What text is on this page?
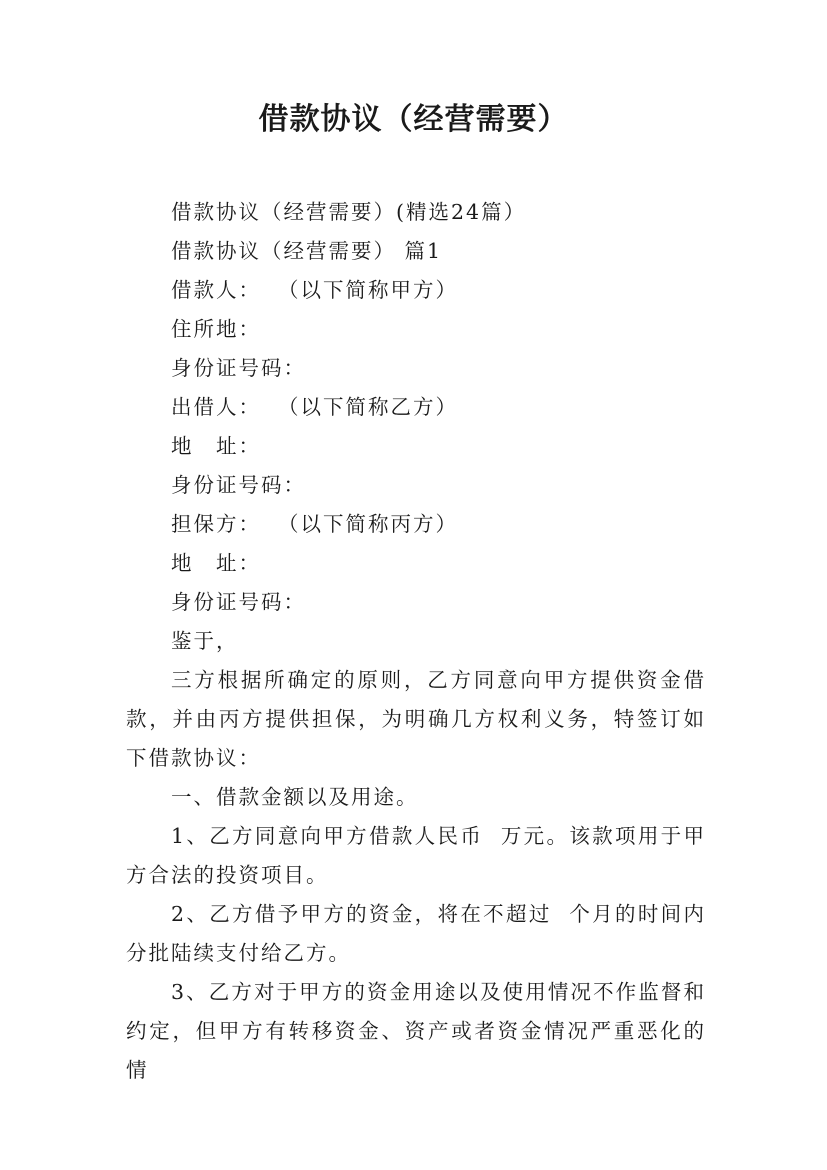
借款协议（经营需要）

借款协议（经营需要）(精选24篇）

借款协议（经营需要） 篇1

借款人：  （以下简称甲方）

住所地：

身份证号码：

出借人：  （以下简称乙方）

地　址：

身份证号码：

担保方：  （以下简称丙方）

地　址：

身份证号码：

鉴于，

三方根据所确定的原则，乙方同意向甲方提供资金借款，并由丙方提供担保，为明确几方权利义务，特签订如下借款协议：

一、借款金额以及用途。

1、乙方同意向甲方借款人民币  万元。该款项用于甲方合法的投资项目。

2、乙方借予甲方的资金，将在不超过  个月的时间内分批陆续支付给乙方。

3、乙方对于甲方的资金用途以及使用情况不作监督和约定，但甲方有转移资金、资产或者资金情况严重恶化的情
